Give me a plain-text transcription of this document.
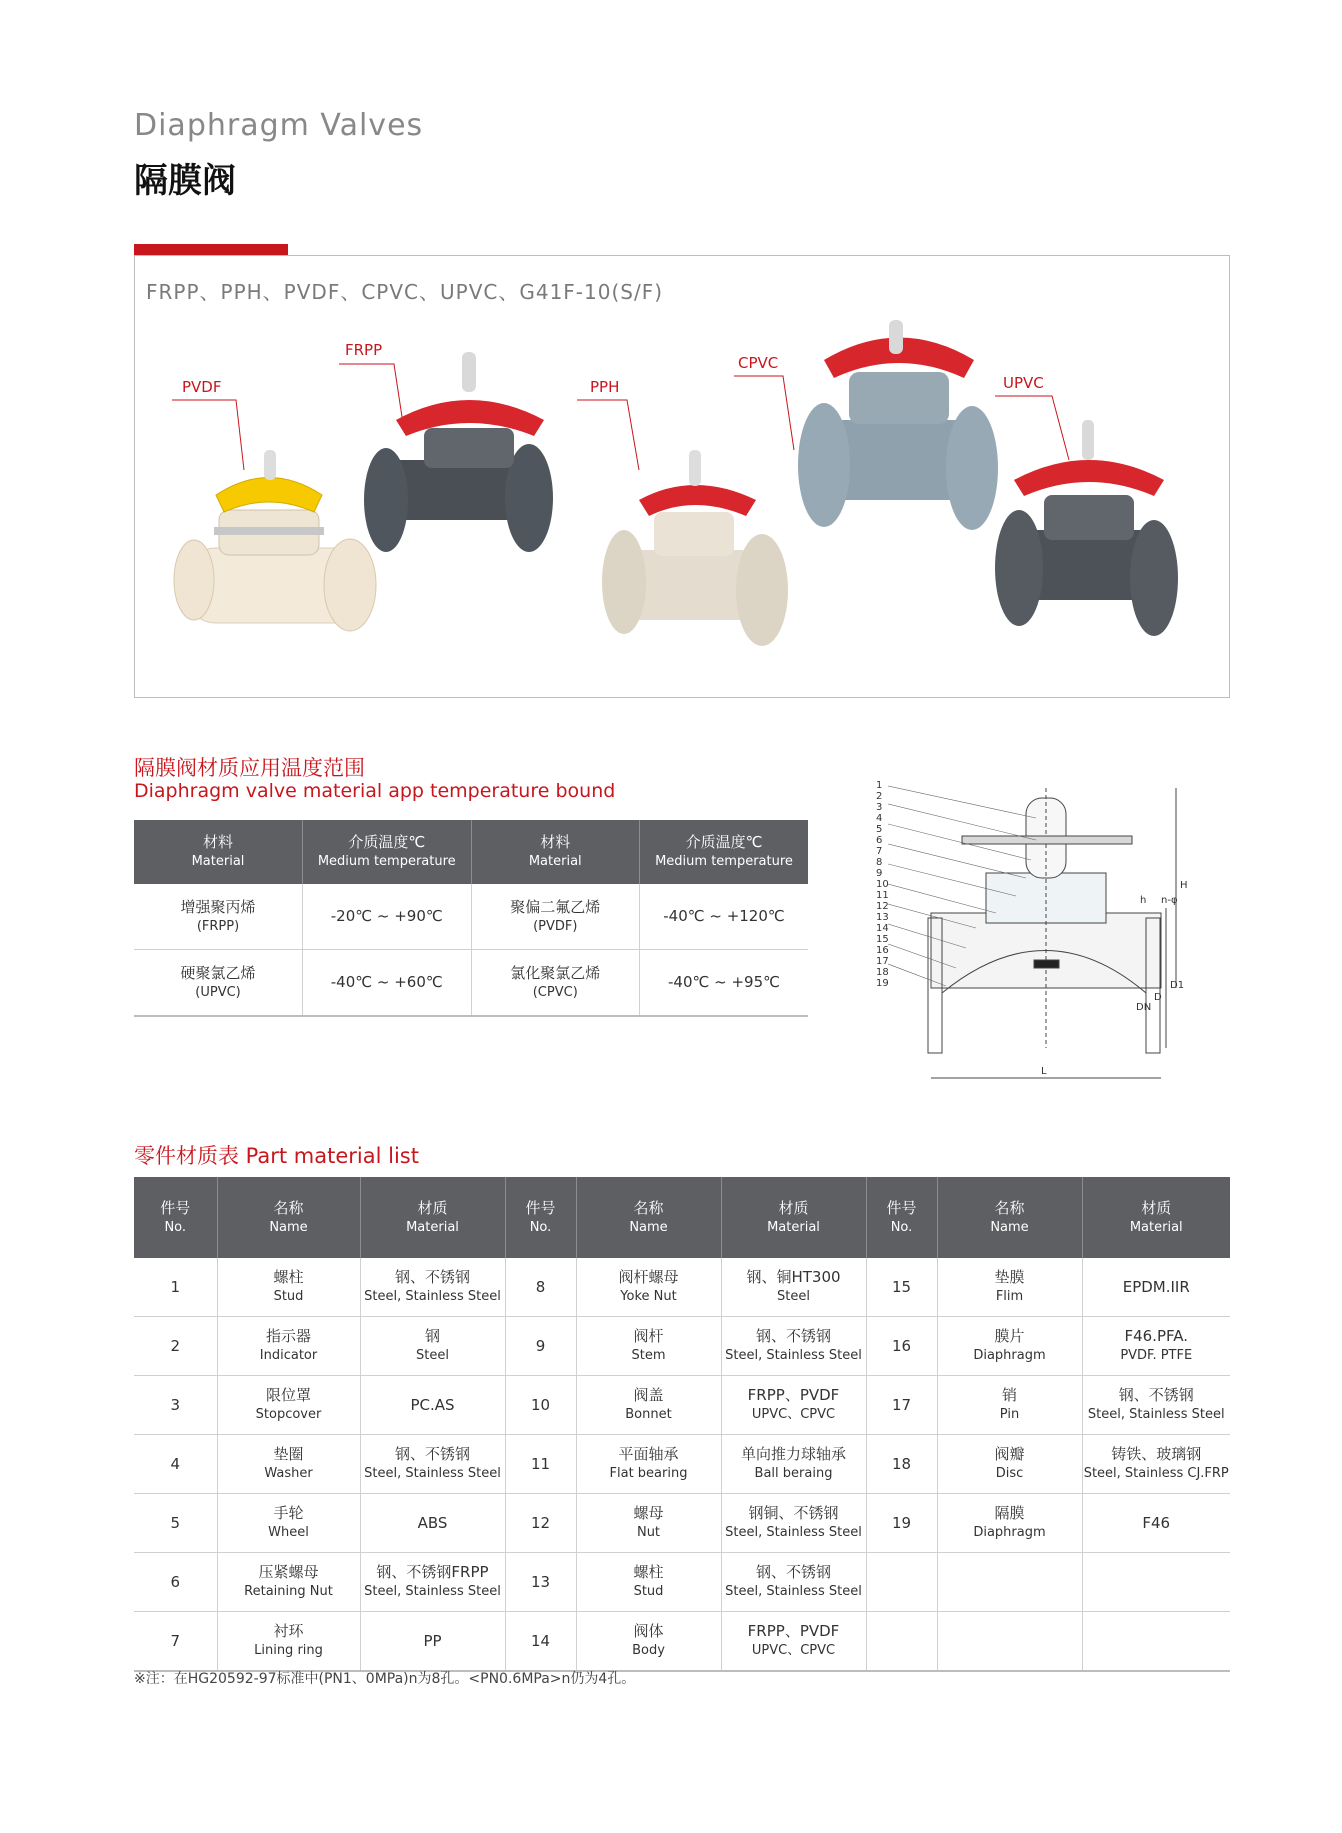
Diaphragm Valves
隔膜阀
FRPP、PPH、PVDF、CPVC、UPVC、G41F-10(S/F)
PVDF
FRPP
PPH
CPVC
UPVC
隔膜阀材质应用温度范围
Diaphragm valve material app temperature bound
材料
Material	介质温度℃
Medium temperature	材料
Material	介质温度℃
Medium temperature

增强聚丙烯
(FRPP)	-20℃ ~ +90℃	聚偏二氟乙烯
(PVDF)	-40℃ ~ +120℃

硬聚氯乙烯
(UPVC)	-40℃ ~ +60℃	氯化聚氯乙烯
(CPVC)	-40℃ ~ +95℃
1
2
3
4
5
6
7
8
9
10
11
12
13
14
15
16
17
18
19
L
H
n-φ
h
D1
D
DN
零件材质表 Part material list
件号
No.	名称
Name	材质
Material	件号
No.	名称
Name	材质
Material	件号
No.	名称
Name	材质
Material

1	螺柱
Stud	钢、不锈钢
Steel, Stainless Steel	8	阀杆螺母
Yoke Nut	钢、铜HT300
Steel	15	垫膜
Flim	EPDM.IIR

2	指示器
Indicator	钢
Steel	9	阀杆
Stem	钢、不锈钢
Steel, Stainless Steel	16	膜片
Diaphragm	F46.PFA.
PVDF. PTFE

3	限位罩
Stopcover	PC.AS	10	阀盖
Bonnet	FRPP、PVDF
UPVC、CPVC	17	销
Pin	钢、不锈钢
Steel, Stainless Steel

4	垫圈
Washer	钢、不锈钢
Steel, Stainless Steel	11	平面轴承
Flat bearing	单向推力球轴承
Ball beraing	18	阀瓣
Disc	铸铁、玻璃钢
Steel, Stainless CJ.FRP

5	手轮
Wheel	ABS	12	螺母
Nut	钢铜、不锈钢
Steel, Stainless Steel	19	隔膜
Diaphragm	F46

6	压紧螺母
Retaining Nut	钢、不锈钢FRPP
Steel, Stainless Steel	13	螺柱
Stud	钢、不锈钢
Steel, Stainless Steel			

7	衬环
Lining ring	PP	14	阀体
Body	FRPP、PVDF
UPVC、CPVC			

※注：在HG20592-97标准中(PN1、0MPa)n为8孔。<PN0.6MPa>n仍为4孔。
